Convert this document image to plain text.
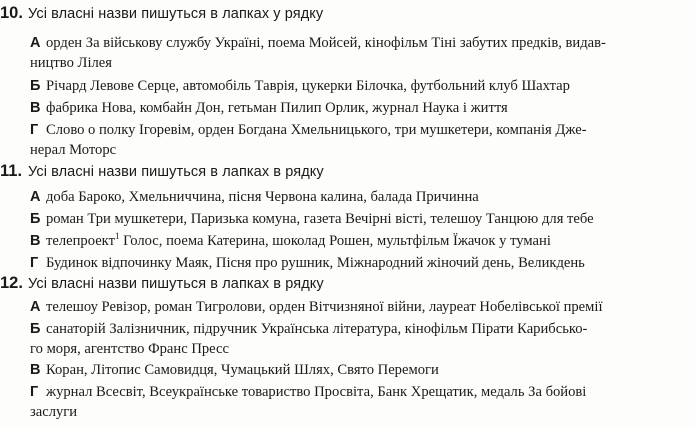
10. Усі власні назви пишуться в лапках у рядку
А орден За військову службу Україні, поема Мойсей, кінофільм Тіні забутих предків, видав-
ництво Лілея
Б Річард Левове Серце, автомобіль Таврія, цукерки Білочка, футбольний клуб Шахтар
В фабрика Нова, комбайн Дон, гетьман Пилип Орлик, журнал Наука і життя
Г Слово о полку Ігоревім, орден Богдана Хмельницького, три мушкетери, компанія Дже-
нерал Моторс
11. Усі власні назви пишуться в лапках в рядку
А доба Бароко, Хмельниччина, пісня Червона калина, балада Причинна
Б роман Три мушкетери, Паризька комуна, газета Вечірні вісті, телешоу Танцюю для тебе
В телепроект$^1$ Голос, поема Катерина, шоколад Рошен, мультфільм Їжачок у тумані
Г Будинок відпочинку Маяк, Пісня про рушник, Міжнародний жіночий день, Великдень
12. Усі власні назви пишуться в лапках в рядку
А телешоу Ревізор, роман Тигролови, орден Вітчизняної війни, лауреат Нобелівської премії
Б санаторій Залізничник, підручник Українська література, кінофільм Пірати Карибсько-
го моря, агентство Франс Пресс
В Коран, Літопис Самовидця, Чумацький Шлях, Свято Перемоги
Г журнал Всесвіт, Всеукраїнське товариство Просвіта, Банк Хрещатик, медаль За бойові
заслуги
